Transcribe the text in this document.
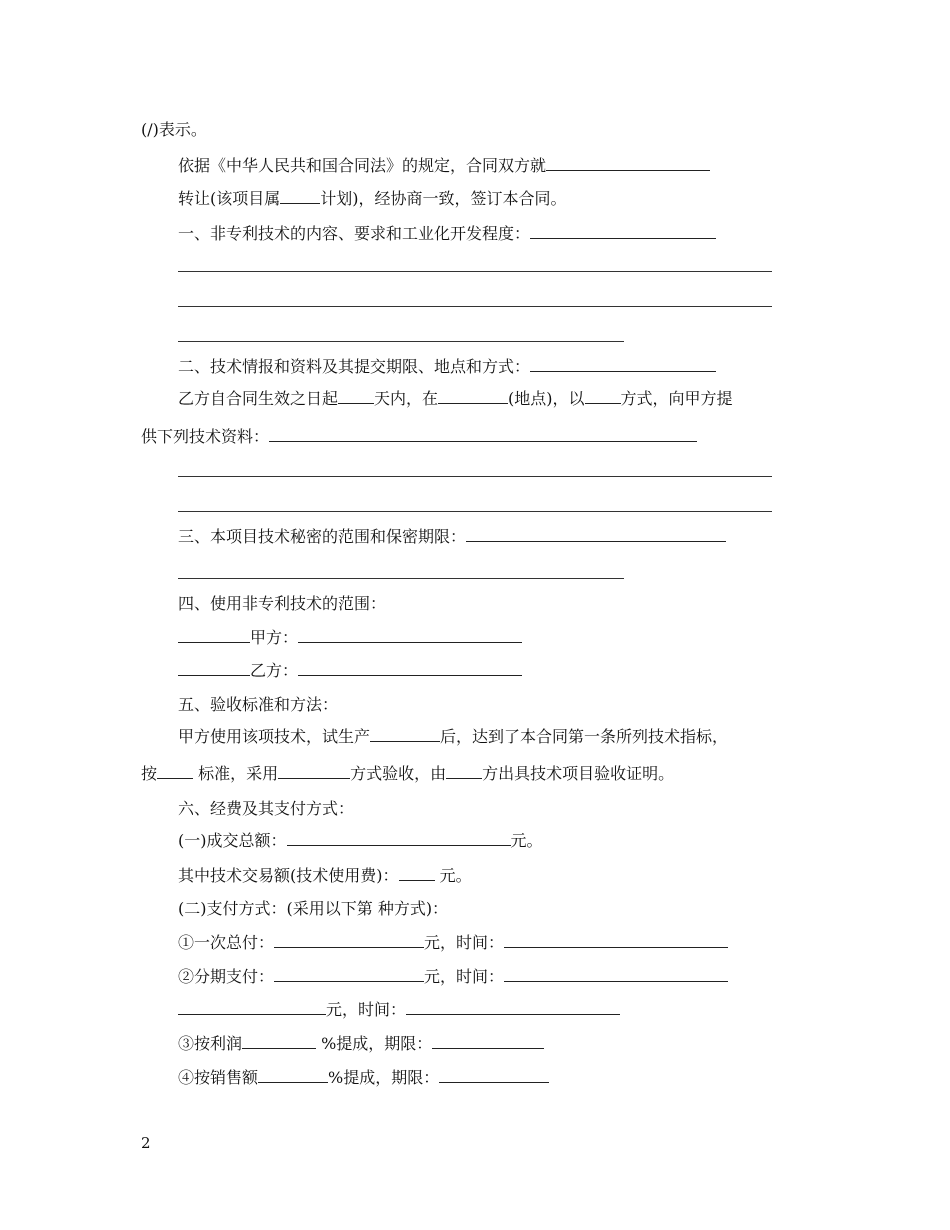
(/)表示。
依据《中华人民共和国合同法》的规定，合同双方就
转让(该项目属	计划)，经协商一致，签订本合同。
一、非专利技术的内容、要求和工业化开发程度：
二、技术情报和资料及其提交期限、地点和方式：
乙方自合同生效之日起 天内，在	(地点)，以 方式，向甲方提
供下列技术资料：
三、本项目技术秘密的范围和保密期限：
四、使用非专利技术的范围：
甲方：
乙方：
五、验收标准和方法：
甲方使用该项技术，试生产	后，达到了本合同第一条所列技术指标，
按 标准，采用	方式验收，由 方出具技术项目验收证明。
六、经费及其支付方式：
(一)成交总额：	元。
其中技术交易额(技术使用费)： 元。
(二)支付方式：(采用以下第 种方式)：
①一次总付：	元，时间：
②分期支付：	元，时间：
元，时间：
③按利润	%提成，期限：
④按销售额	%提成，期限：
2
